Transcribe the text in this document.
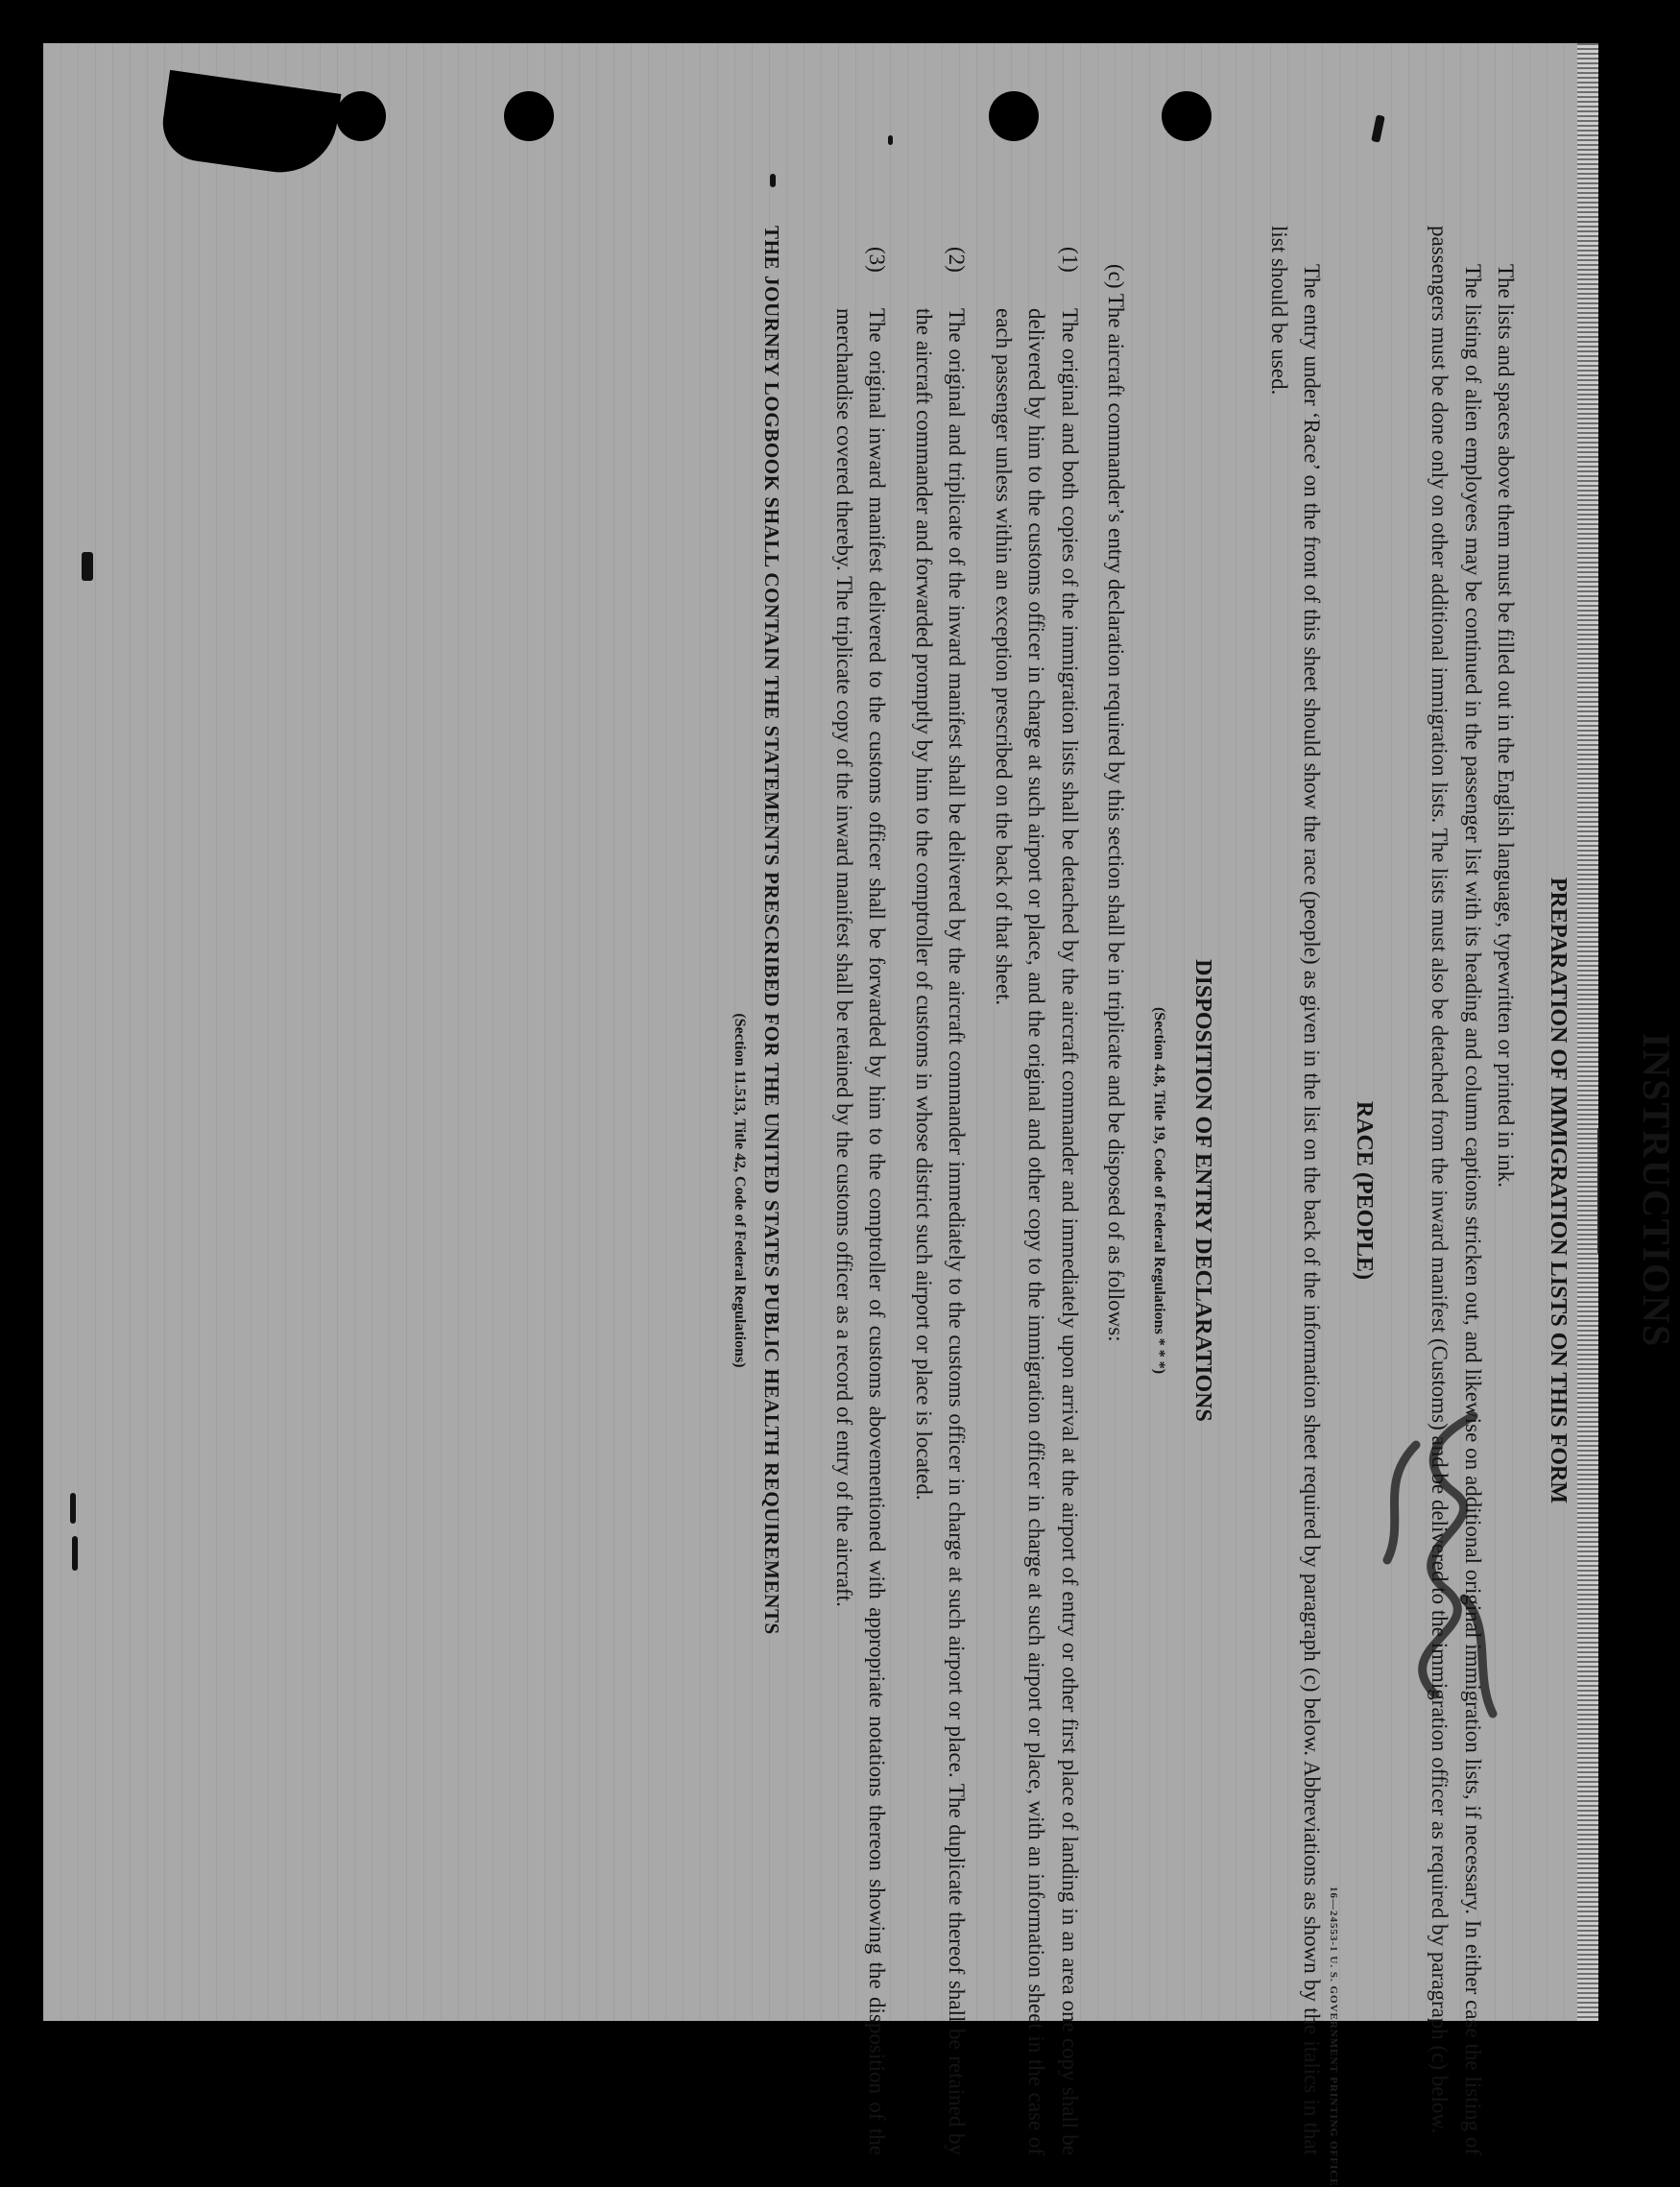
16—24553-1 U. S. GOVERNMENT PRINTING OFFICE
INSTRUCTIONS
PREPARATION OF IMMIGRATION LISTS ON THIS FORM

The lists and spaces above them must be filled out in the English language, typewritten or printed in ink.

The listing of alien employees may be continued in the passenger list with its heading and column captions stricken out, and likewise on additional original immigration lists, if necessary. In either case the listing of passengers must be done only on other additional immigration lists. The lists must also be detached from the inward manifest (Customs) and be delivered to the immigration officer as required by paragraph (c) below.

RACE (PEOPLE)

The entry under ‘Race’ on the front of this sheet should show the race (people) as given in the list on the back of the information sheet required by paragraph (c) below. Abbreviations as shown by the italics in that list should be used.

DISPOSITION OF ENTRY DECLARATIONS
(Section 4.8, Title 19, Code of Federal Regulations * * *)

(c) The aircraft commander’s entry declaration required by this section shall be in triplicate and be disposed of as follows:

(1)
The original and both copies of the immigration lists shall be detached by the aircraft commander and immediately upon arrival at the airport of entry or other first place of landing in an area one copy shall be delivered by him to the customs officer in charge at such airport or place, and the original and other copy to the immigration officer in charge at such airport or place, with an information sheet in the case of each passenger unless within an exception prescribed on the back of that sheet.
(2)
The original and triplicate of the inward manifest shall be delivered by the aircraft commander immediately to the customs officer in charge at such airport or place. The duplicate thereof shall be retained by the aircraft commander and forwarded promptly by him to the comptroller of customs in whose district such airport or place is located.
(3)
The original inward manifest delivered to the customs officer shall be forwarded by him to the comptroller of customs abovementioned with appropriate notations thereon showing the disposition of the merchandise covered thereby. The triplicate copy of the inward manifest shall be retained by the customs officer as a record of entry of the aircraft.
THE JOURNEY LOGBOOK SHALL CONTAIN THE STATEMENTS PRESCRIBED FOR THE UNITED STATES PUBLIC HEALTH REQUIREMENTS
(Section 11.513, Title 42, Code of Federal Regulations)
